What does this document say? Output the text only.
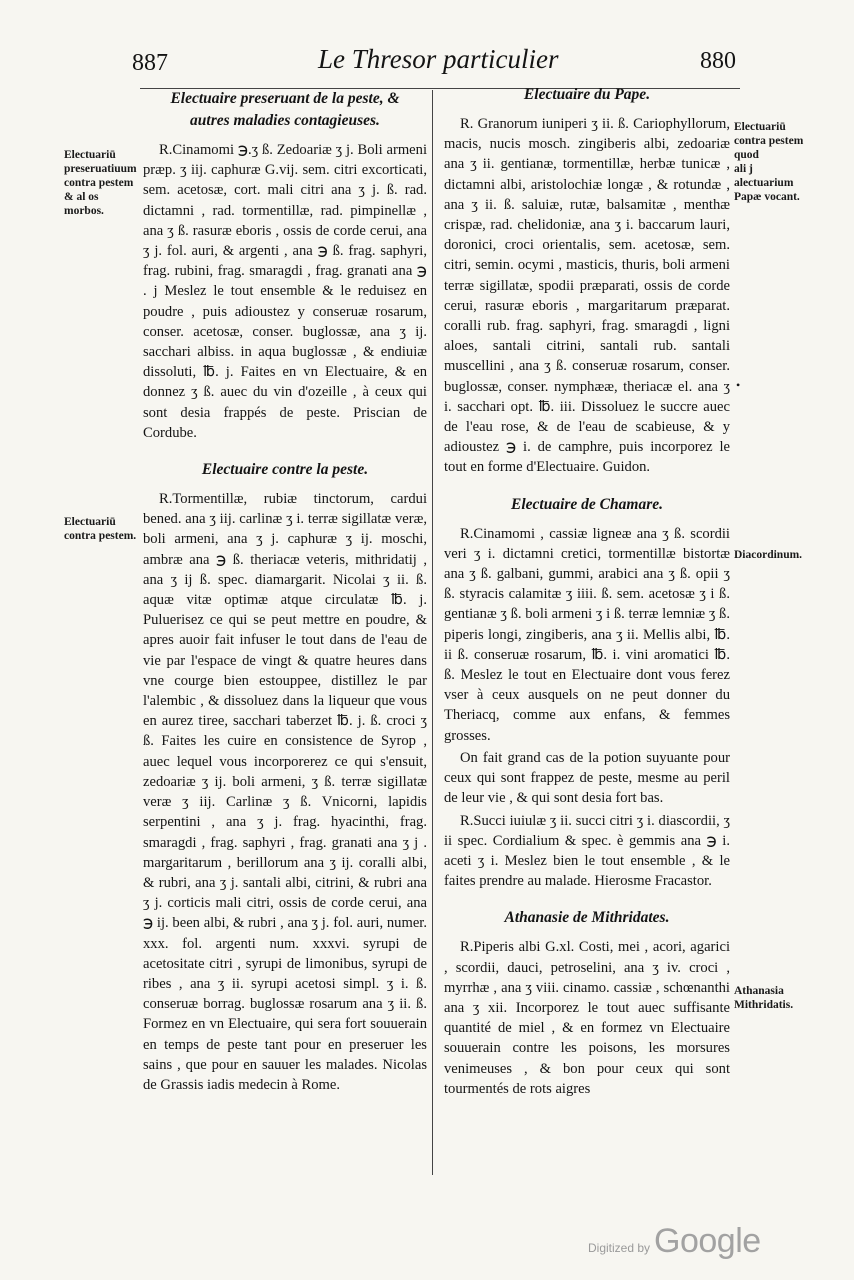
887	Le Thresor particulier	880
Electuaire preseruant de la peste, &
autres maladies contagieuses.

R.Cinamomi ℈.ʒ ß. Zedoariæ ʒ j. Boli armeni præp. ʒ iij. caphuræ G.vij. sem. citri excorticati, sem. acetosæ, cort. mali citri ana ʒ j. ß. rad. dictamni , rad. tormentillæ, rad. pimpinellæ , ana ʒ ß. rasuræ eboris , ossis de corde cerui, ana ʒ j. fol. auri, & argenti , ana ℈ ß. frag. saphyri, frag. rubini, frag. smaragdi , frag. granati ana ℈ . j Meslez le tout ensemble & le reduisez en poudre , puis adioustez y conseruæ rosarum, conser. acetosæ, conser. buglossæ, ana ʒ ij. sacchari albiss. in aqua buglossæ , & endiuiæ dissoluti, ℔. j. Faites en vn Electuaire, & en donnez ʒ ß. auec du vin d'ozeille , à ceux qui sont desia frappés de peste. Priscian de Cordube.

Electuaire contre la peste.

R.Tormentillæ, rubiæ tinctorum, cardui bened. ana ʒ iij. carlinæ ʒ i. terræ sigillatæ veræ, boli armeni, ana ʒ j. caphuræ ʒ ij. moschi, ambræ ana ℈ ß. theriacæ veteris, mithridatij , ana ʒ ij ß. spec. diamargarit. Nicolai ʒ ii. ß. aquæ vitæ optimæ atque circulatæ ℔. j. Puluerisez ce qui se peut mettre en poudre, & apres auoir fait infuser le tout dans de l'eau de vie par l'espace de vingt & quatre heures dans vne courge bien estouppee, distillez le par l'alembic , & dissoluez dans la liqueur que vous en aurez tiree, sacchari taberzet ℔. j. ß. croci ʒ ß. Faites les cuire en consistence de Syrop , auec lequel vous incorporerez ce qui s'ensuit, zedoariæ ʒ ij. boli armeni, ʒ ß. terræ sigillatæ veræ ʒ iij. Carlinæ ʒ ß. Vnicorni, lapidis serpentini , ana ʒ j. frag. hyacinthi, frag. smaragdi , frag. saphyri , frag. granati ana ʒ j . margaritarum , berillorum ana ʒ ij. coralli albi, & rubri, ana ʒ j. santali albi, citrini, & rubri ana ʒ j. corticis mali citri, ossis de corde cerui, ana ℈ ij. been albi, & rubri , ana ʒ j. fol. auri, numer. xxx. fol. argenti num. xxxvi. syrupi de acetositate citri , syrupi de limonibus, syrupi de ribes , ana ʒ ii. syrupi acetosi simpl. ʒ i. ß. conseruæ borrag. buglossæ rosarum ana ʒ ii. ß. Formez en vn Electuaire, qui sera fort souuerain en temps de peste tant pour en preseruer les sains , que pour en sauuer les malades. Nicolas de Grassis iadis medecin à Rome.

Electuaire du Pape.

R. Granorum iuniperi ʒ ii. ß. Cariophyllorum, macis, nucis mosch. zingiberis albi, zedoariæ ana ʒ ii. gentianæ, tormentillæ, herbæ tunicæ , dictamni albi, aristolochiæ longæ , & rotundæ , ana ʒ ii. ß. saluiæ, rutæ, balsamitæ , menthæ crispæ, rad. chelidoniæ, ana ʒ i. baccarum lauri, doronici, croci orientalis, sem. acetosæ, sem. citri, semin. ocymi , masticis, thuris, boli armeni terræ sigillatæ, spodii præparati, ossis de corde cerui, rasuræ eboris , margaritarum præparat. coralli rub. frag. saphyri, frag. smaragdi , ligni aloes, santali citrini, santali rub. santali muscellini , ana ʒ ß. conseruæ rosarum, conser. buglossæ, conser. nymphææ, theriacæ el. ana ʒ i. sacchari opt. ℔. iii. Dissoluez le succre auec de l'eau rose, & de l'eau de scabieuse, & y adioustez ℈ i. de camphre, puis incorporez le tout en forme d'Electuaire. Guidon.

Electuaire de Chamare.

R.Cinamomi , cassiæ ligneæ ana ʒ ß. scordii veri ʒ i. dictamni cretici, tormentillæ bistortæ ana ʒ ß. galbani, gummi, arabici ana ʒ ß. opii ʒ ß. styracis calamitæ ʒ iiii. ß. sem. acetosæ ʒ i ß. gentianæ ʒ ß. boli armeni ʒ i ß. terræ lemniæ ʒ ß. piperis longi, zingiberis, ana ʒ ii. Mellis albi, ℔. ii ß. conseruæ rosarum, ℔. i. vini aromatici ℔. ß. Meslez le tout en Electuaire dont vous ferez vser à ceux ausquels on ne peut donner du Theriacq, comme aux enfans, & femmes grosses.

On fait grand cas de la potion suyuante pour ceux qui sont frappez de peste, mesme au peril de leur vie , & qui sont desia fort bas.

R.Succi iuiulæ ʒ ii. succi citri ʒ i. diascordii, ʒ ii spec. Cordialium & spec. è gemmis ana ℈ i. aceti ʒ i. Meslez bien le tout ensemble , & le faites prendre au malade. Hierosme Fracastor.

Athanasie de Mithridates.

R.Piperis albi G.xl. Costi, mei , acori, agarici , scordii, dauci, petroselini, ana ʒ iv. croci , myrrhæ , ana ʒ viii. cinamo. cassiæ , schœnanthi ana ʒ xii. Incorporez le tout auec suffisante quantité de miel , & en formez vn Electuaire souuerain contre les poisons, les morsures venimeuses , & bon pour ceux qui sont tourmentés de rots aigres

Electuariū
preseruatiuum contra pestem
& al os
morbos.
Electuariū
contra pestem.
Electuariū
contra pestem quod
ali j alectuarium
Papæ vocant.
Diacordinum.
Athanasia
Mithridatis.
•
Digitized by Google
